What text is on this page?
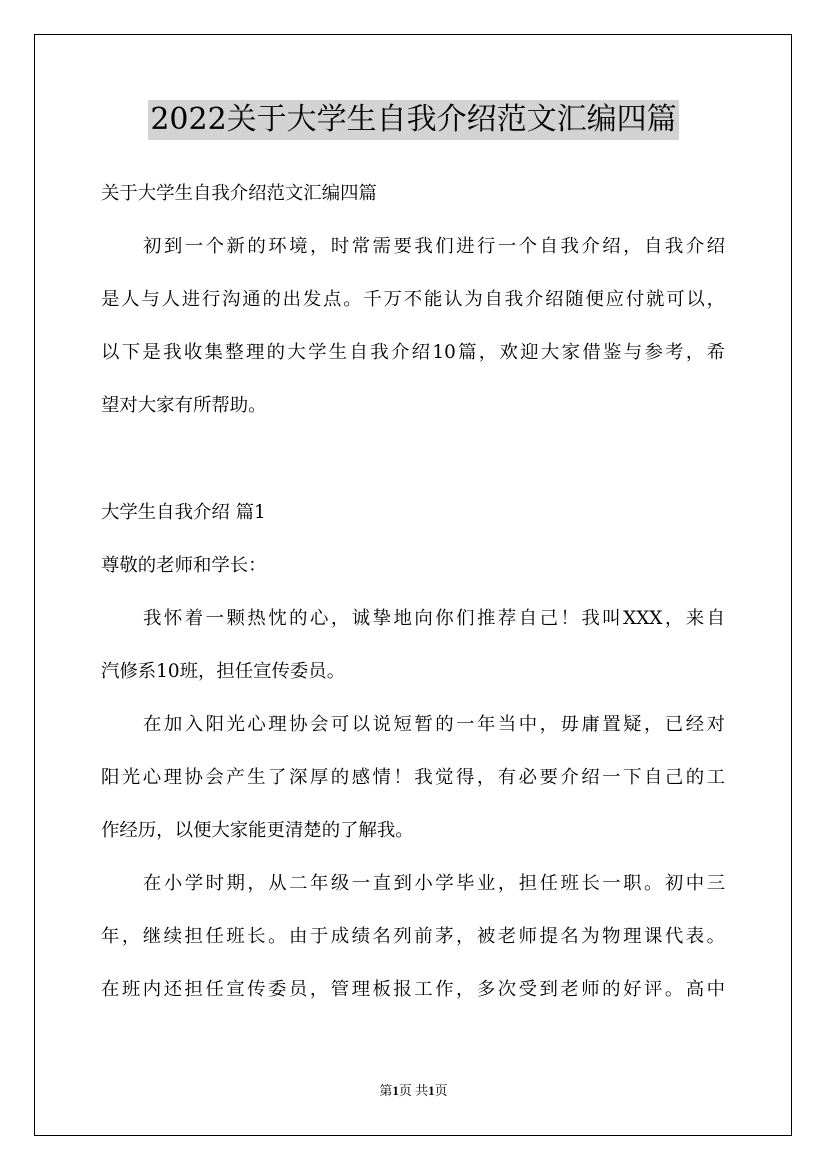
2022关于大学生自我介绍范文汇编四篇
关于大学生自我介绍范文汇编四篇
初到一个新的环境，时常需要我们进行一个自我介绍，自我介绍
是人与人进行沟通的出发点。千万不能认为自我介绍随便应付就可以，
以下是我收集整理的大学生自我介绍10篇，欢迎大家借鉴与参考，希
望对大家有所帮助。
大学生自我介绍 篇1
尊敬的老师和学长：
我怀着一颗热忱的心，诚挚地向你们推荐自己！我叫XXX，来自
汽修系10班，担任宣传委员。
在加入阳光心理协会可以说短暂的一年当中，毋庸置疑，已经对
阳光心理协会产生了深厚的感情！我觉得，有必要介绍一下自己的工
作经历，以便大家能更清楚的了解我。
在小学时期，从二年级一直到小学毕业，担任班长一职。初中三
年，继续担任班长。由于成绩名列前茅，被老师提名为物理课代表。
在班内还担任宣传委员，管理板报工作，多次受到老师的好评。高中
第1页 共1页
